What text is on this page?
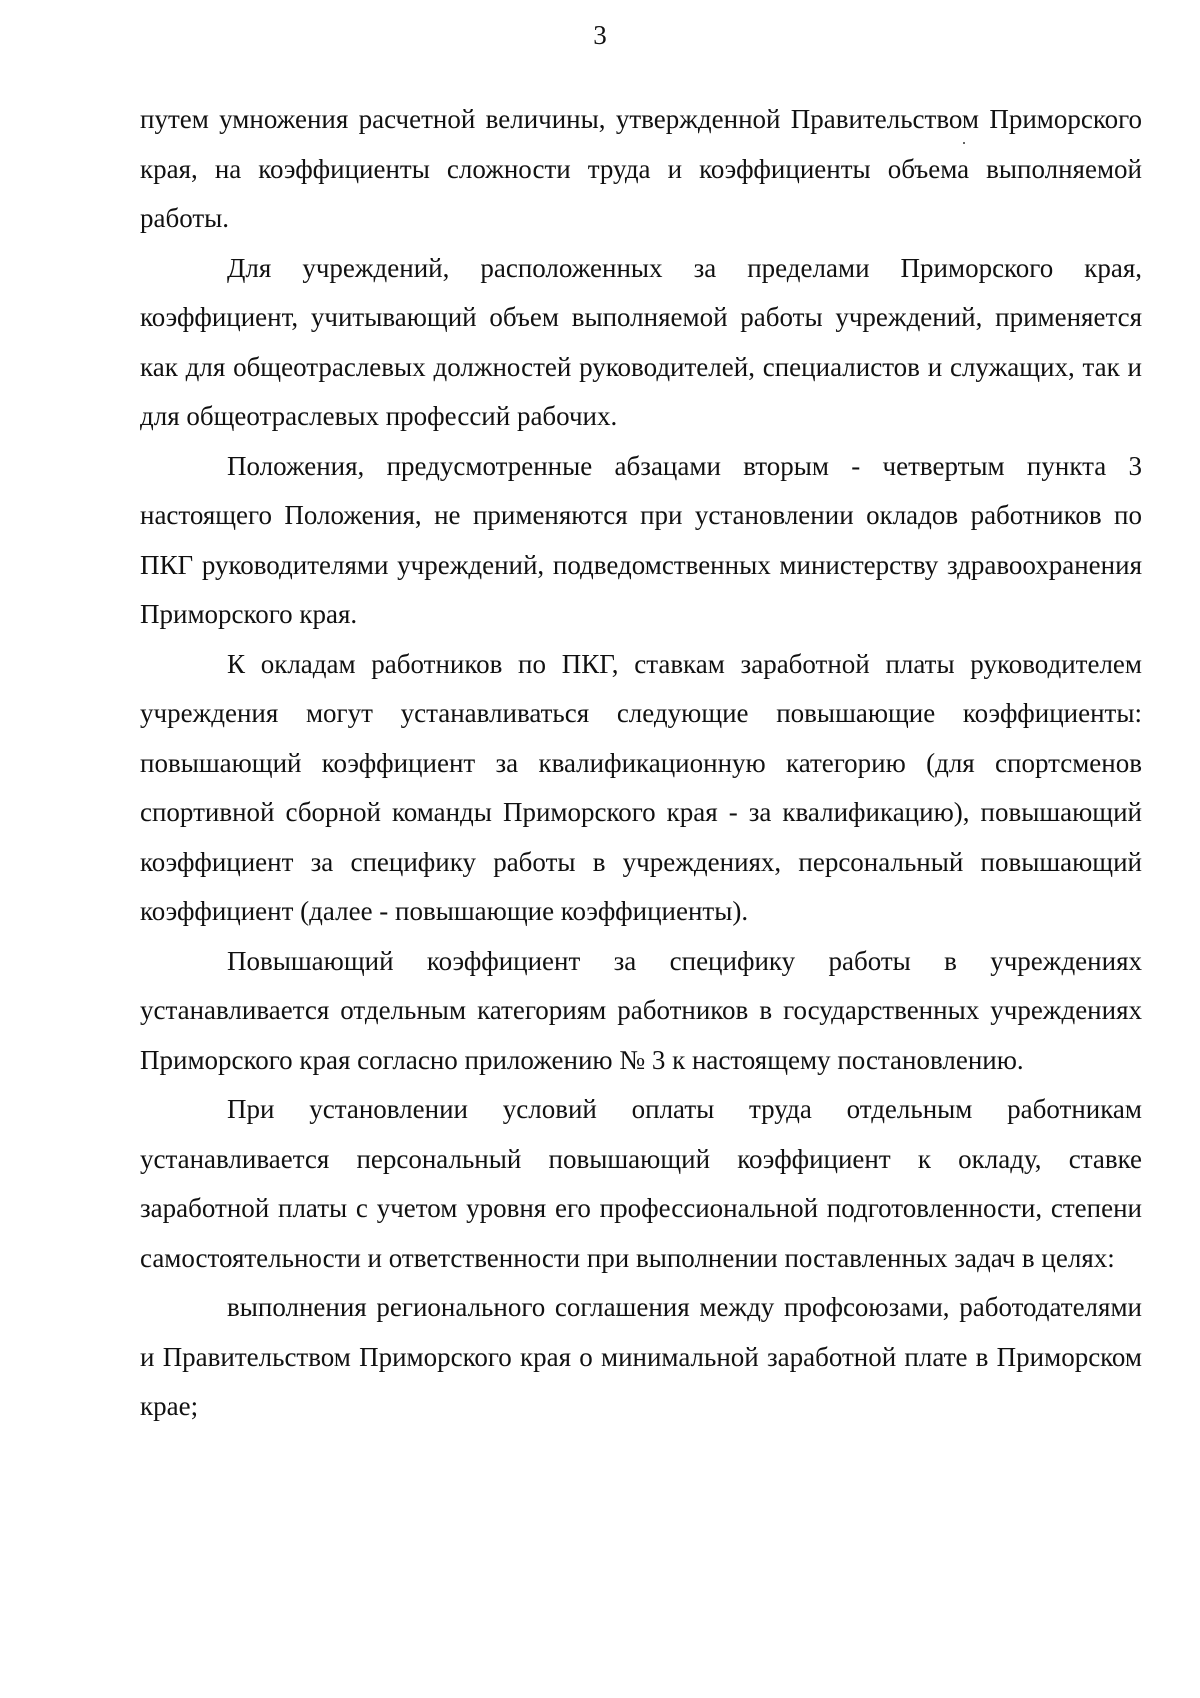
3

путем умножения расчетной величины, утвержденной Правительством Приморского края, на коэффициенты сложности труда и коэффициенты объема выполняемой работы.

Для учреждений, расположенных за пределами Приморского края, коэффициент, учитывающий объем выполняемой работы учреждений, применяется как для общеотраслевых должностей руководителей, специалистов и служащих, так и для общеотраслевых профессий рабочих.

Положения, предусмотренные абзацами вторым - четвертым пункта 3 настоящего Положения, не применяются при установлении окладов работников по ПКГ руководителями учреждений, подведомственных министерству здравоохранения Приморского края.

К окладам работников по ПКГ, ставкам заработной платы руководителем учреждения могут устанавливаться следующие повышающие коэффициенты: повышающий коэффициент за квалификационную категорию (для спортсменов спортивной сборной команды Приморского края - за квалификацию), повышающий коэффициент за специфику работы в учреждениях, персональный повышающий коэффициент (далее - повышающие коэффициенты).

Повышающий коэффициент за специфику работы в учреждениях устанавливается отдельным категориям работников в государственных учреждениях Приморского края согласно приложению № 3 к настоящему постановлению.

При установлении условий оплаты труда отдельным работникам устанавливается персональный повышающий коэффициент к окладу, ставке заработной платы с учетом уровня его профессиональной подготовленности, степени самостоятельности и ответственности при выполнении поставленных задач в целях:

выполнения регионального соглашения между профсоюзами, работодателями и Правительством Приморского края о минимальной заработной плате в Приморском крае;
